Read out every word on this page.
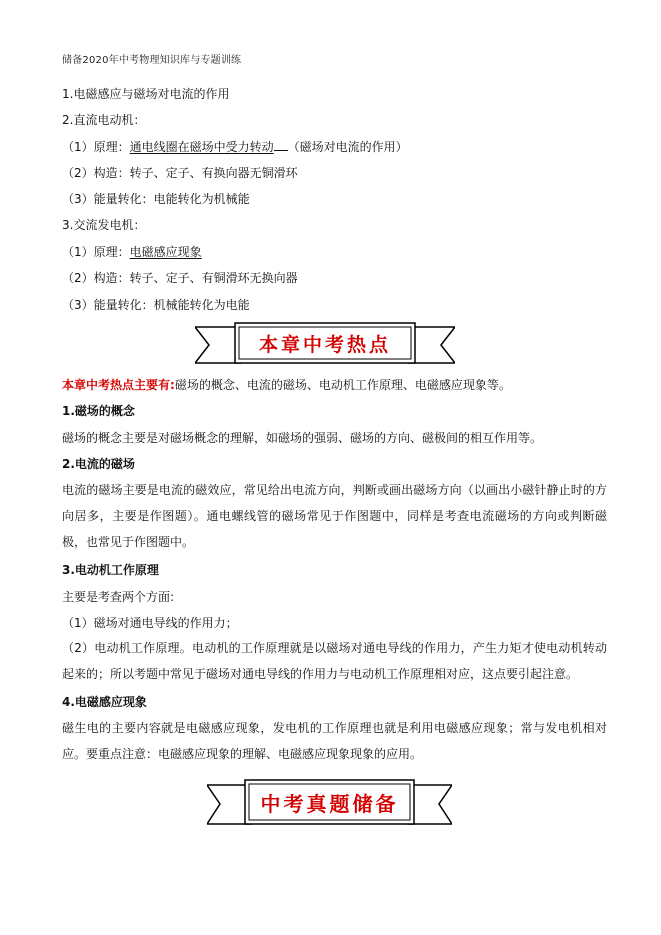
储备2020年中考物理知识库与专题训练
1.电磁感应与磁场对电流的作用
2.直流电动机：
（1）原理：通电线圈在磁场中受力转动 （磁场对电流的作用）
（2）构造：转子、定子、有换向器无铜滑环
（3）能量转化：电能转化为机械能
3.交流发电机：
（1）原理：电磁感应现象
（2）构造：转子、定子、有铜滑环无换向器
（3）能量转化：机械能转化为电能
本章中考热点
本章中考热点主要有:磁场的概念、电流的磁场、电动机工作原理、电磁感应现象等。
1.磁场的概念
磁场的概念主要是对磁场概念的理解，如磁场的强弱、磁场的方向、磁极间的相互作用等。
2.电流的磁场
电流的磁场主要是电流的磁效应，常见给出电流方向，判断或画出磁场方向（以画出小磁针静止时的方向居多，主要是作图题）。通电螺线管的磁场常见于作图题中，同样是考查电流磁场的方向或判断磁极，也常见于作图题中。
3.电动机工作原理
主要是考查两个方面:
（1）磁场对通电导线的作用力；
（2）电动机工作原理。电动机的工作原理就是以磁场对通电导线的作用力，产生力矩才使电动机转动起来的；所以考题中常见于磁场对通电导线的作用力与电动机工作原理相对应，这点要引起注意。
4.电磁感应现象
磁生电的主要内容就是电磁感应现象，发电机的工作原理也就是利用电磁感应现象；常与发电机相对应。要重点注意：电磁感应现象的理解、电磁感应现象现象的应用。
中考真题储备
